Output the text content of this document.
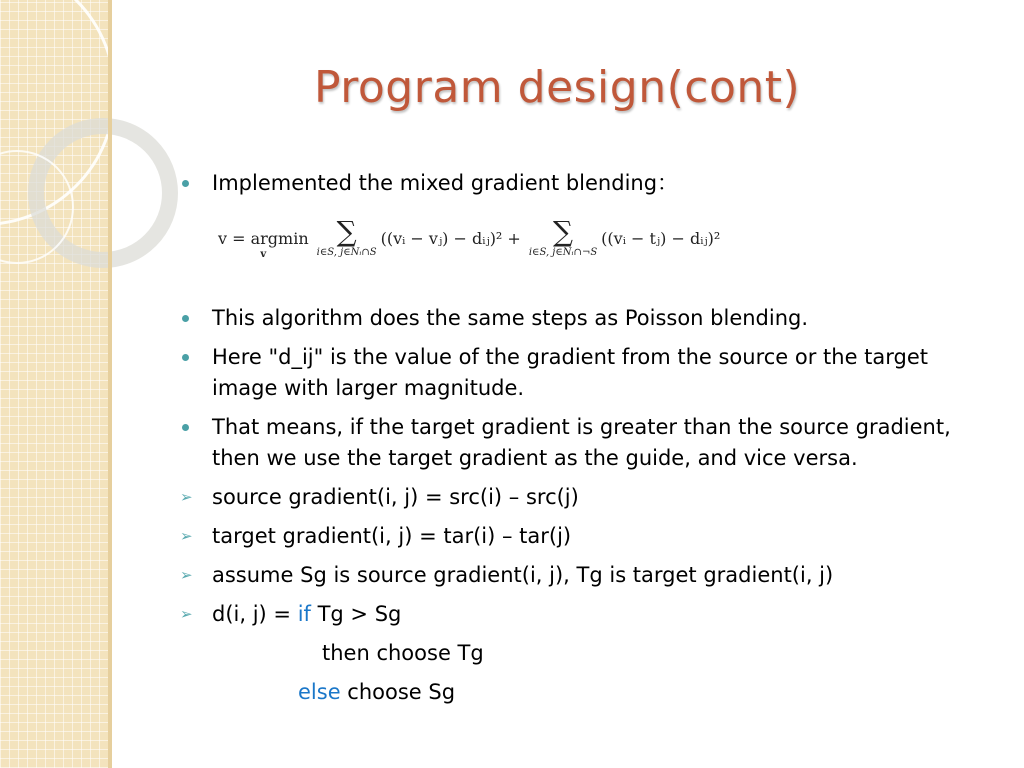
Program design(cont)
Implemented the mixed gradient blending：
v = argmin
v
∑
i∈S, j∈Nᵢ∩S
((vᵢ − vⱼ) − dᵢⱼ)² + ∑
i∈S, j∈Nᵢ∩¬S
((vᵢ − tⱼ) − dᵢⱼ)²
This algorithm does the same steps as Poisson blending.
Here "d_ij" is the value of the gradient from the source or the target image with larger magnitude.
That means, if the target gradient is greater than the source gradient, then we use the target gradient as the guide, and vice versa.
➢ source gradient(i, j) = src(i) – src(j)
➢ target gradient(i, j) = tar(i) – tar(j)
➢ assume Sg is source gradient(i, j), Tg is target gradient(i, j)
➢ d(i, j) = if Tg > Sg
then choose Tg
else choose Sg
